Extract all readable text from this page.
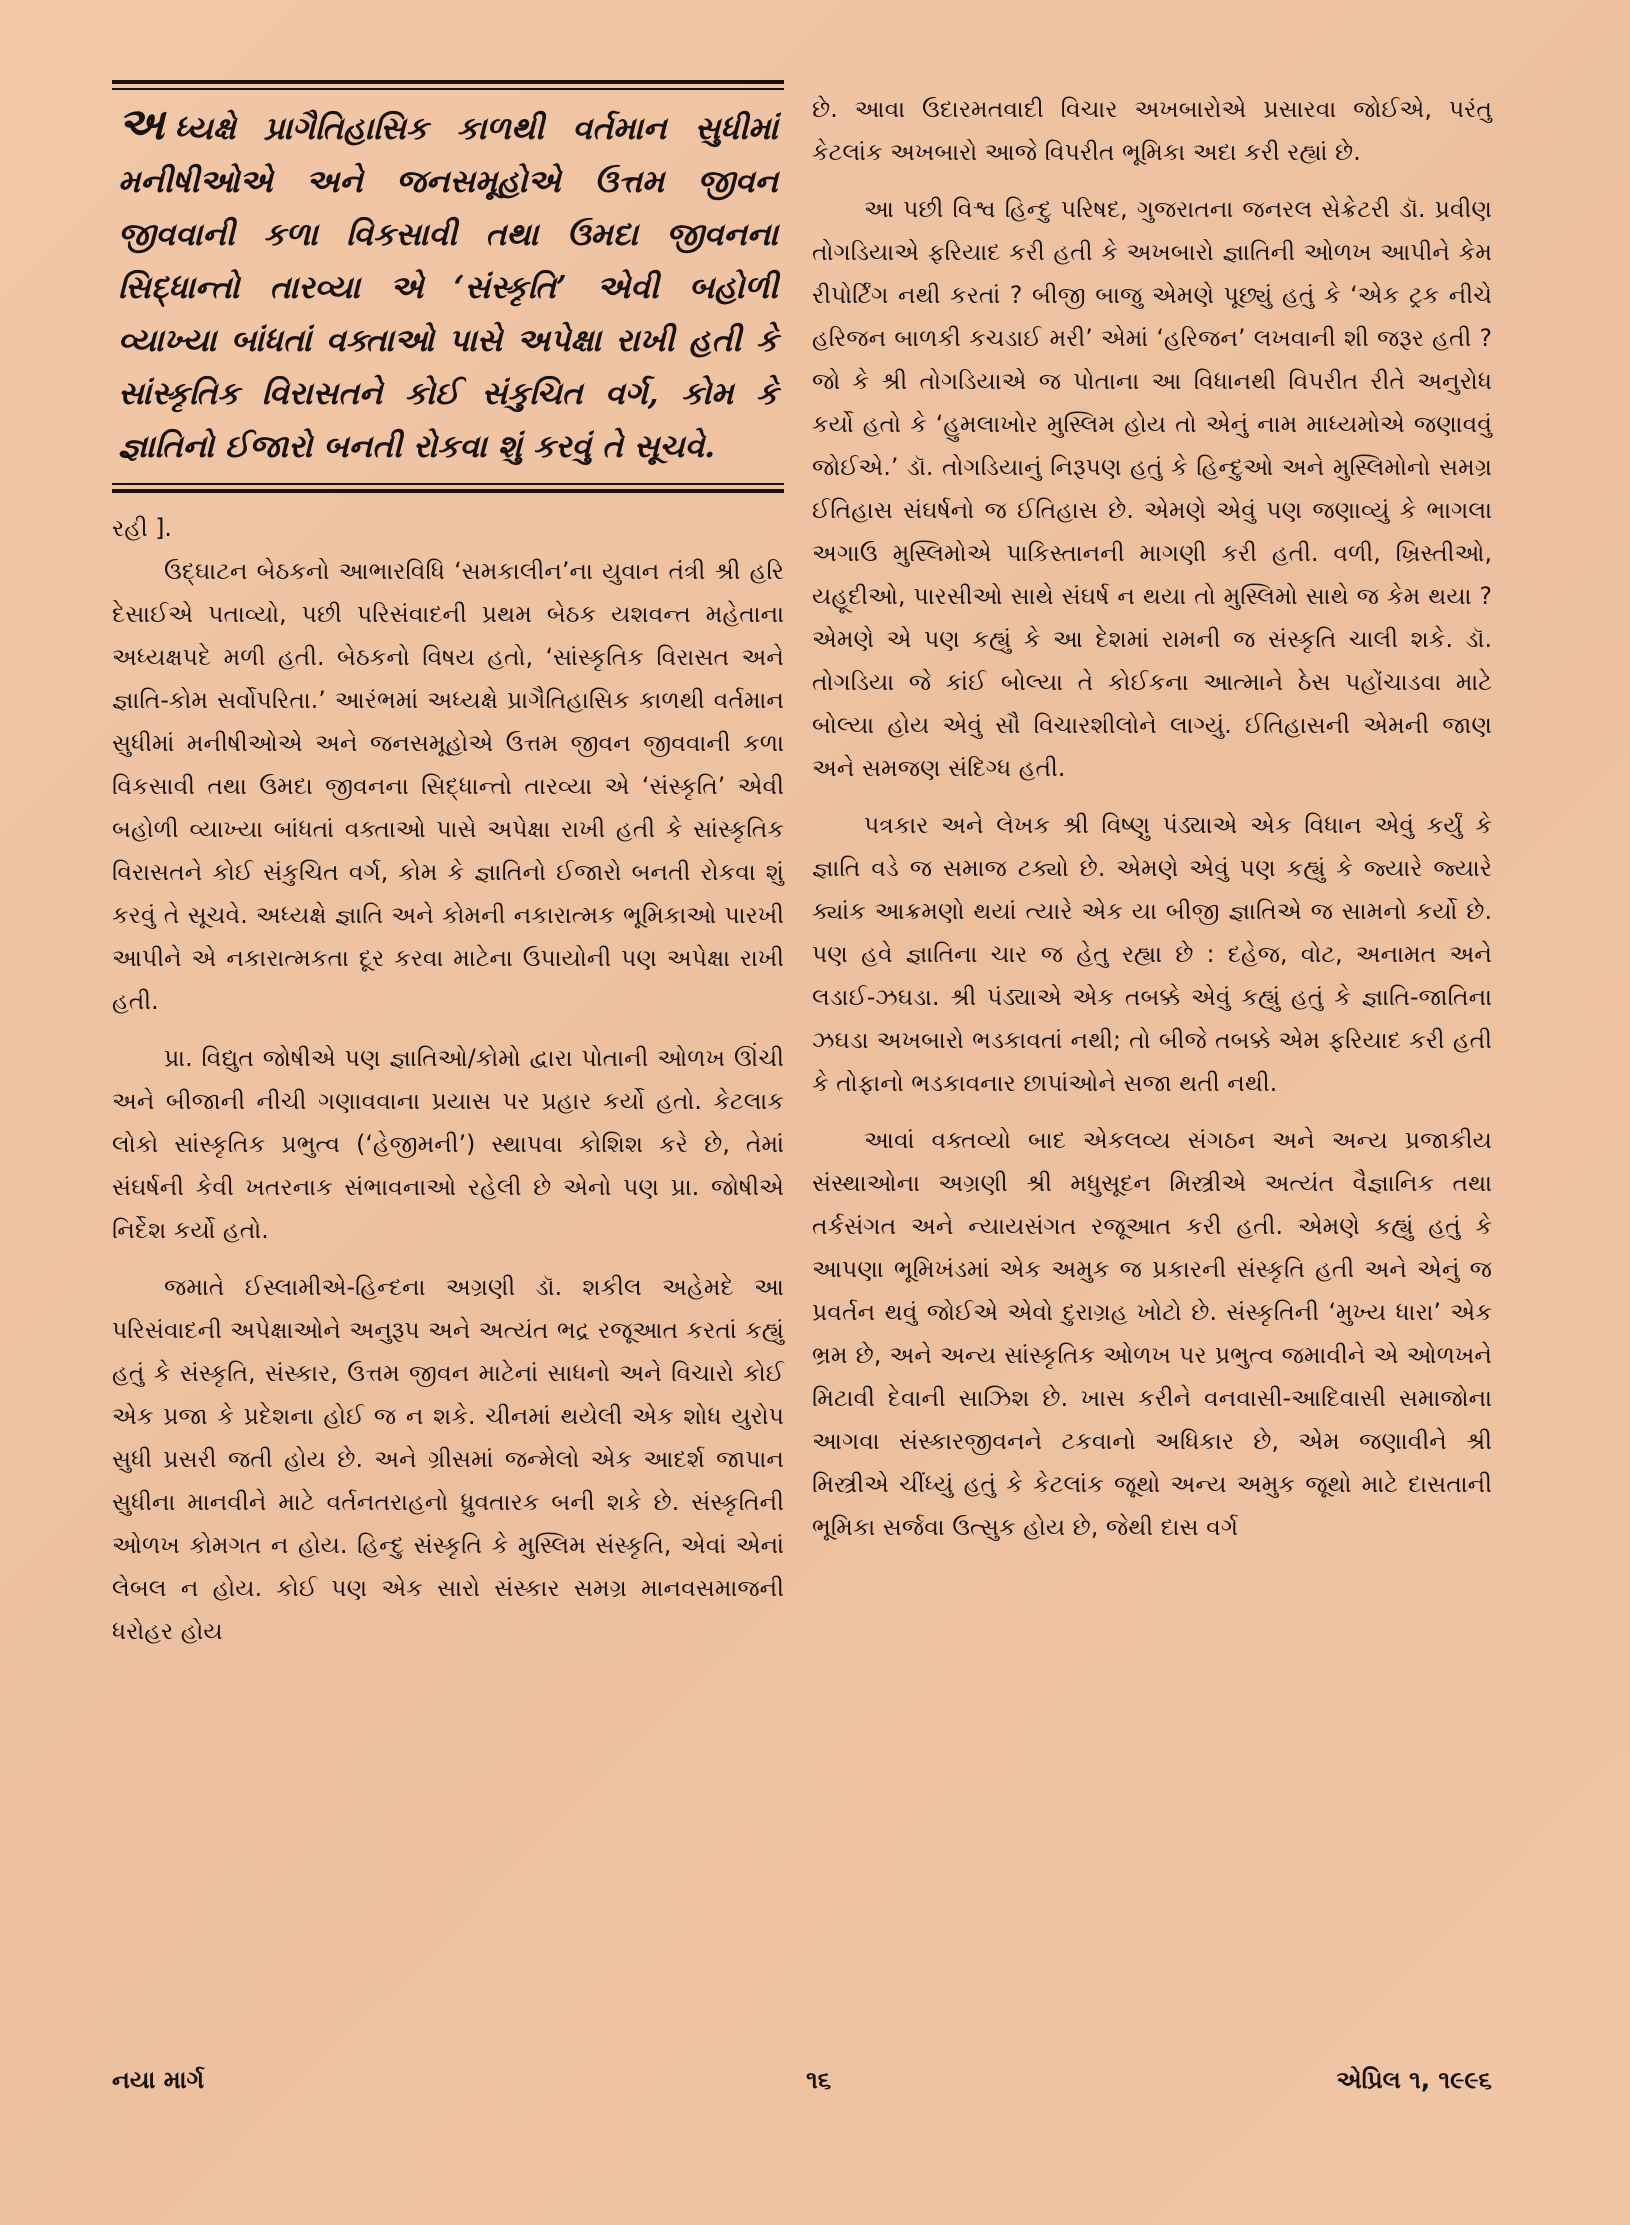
અ ધ્યક્ષે પ્રાગૈતિહાસિક કાળથી વર્તમાન સુધીમાં મનીષીઓએ અને જનસમૂહોએ ઉત્તમ જીવન જીવવાની કળા વિકસાવી તથા ઉમદા જીવનના સિદ્ધાન્તો તારવ્યા એ ‘સંસ્કૃતિ’ એવી બહોળી વ્યાખ્યા બાંધતાં વક્તાઓ પાસે અપેક્ષા રાખી હતી કે સાંસ્કૃતિક વિરાસતને કોઈ સંકુચિત વર્ગ, કોમ કે જ્ઞાતિનો ઈજારો બનતી રોકવા શું કરવું તે સૂચવે.

રહી ].

ઉદ્‌ઘાટન બેઠકનો આભારવિધિ ‘સમકાલીન’ના યુવાન તંત્રી શ્રી હરિ દેસાઈએ પતાવ્યો, પછી પરિસંવાદની પ્રથમ બેઠક યશવન્ત મહેતાના અધ્યક્ષપદે મળી હતી. બેઠકનો વિષય હતો, ‘સાંસ્કૃતિક વિરાસત અને જ્ઞાતિ-કોમ સર્વોપરિતા.’ આરંભમાં અધ્યક્ષે પ્રાગૈતિહાસિક કાળથી વર્તમાન સુધીમાં મનીષીઓએ અને જનસમૂહોએ ઉત્તમ જીવન જીવવાની કળા વિકસાવી તથા ઉમદા જીવનના સિદ્ધાન્તો તારવ્યા એ ‘સંસ્કૃતિ’ એવી બહોળી વ્યાખ્યા બાંધતાં વક્તાઓ પાસે અપેક્ષા રાખી હતી કે સાંસ્કૃતિક વિરાસતને કોઈ સંકુચિત વર્ગ, કોમ કે જ્ઞાતિનો ઈજારો બનતી રોકવા શું કરવું તે સૂચવે. અધ્યક્ષે જ્ઞાતિ અને કોમની નકારાત્મક ભૂમિકાઓ પારખી આપીને એ નકારાત્મકતા દૂર કરવા માટેના ઉપાયોની પણ અપેક્ષા રાખી હતી.

પ્રા. વિદ્યુત જોષીએ પણ જ્ઞાતિઓ/કોમો દ્વારા પોતાની ઓળખ ઊંચી અને બીજાની નીચી ગણાવવાના પ્રયાસ પર પ્રહાર કર્યો હતો. કેટલાક લોકો સાંસ્કૃતિક પ્રભુત્વ (‘હેજીમની’) સ્થાપવા કોશિશ કરે છે, તેમાં સંઘર્ષની કેવી ખતરનાક સંભાવનાઓ રહેલી છે એનો પણ પ્રા. જોષીએ નિર્દેશ કર્યો હતો.

જમાતે ઈસ્લામીએ-હિન્દના અગ્રણી ડૉ. શકીલ અહેમદે આ પરિસંવાદની અપેક્ષાઓને અનુરૂપ અને અત્યંત ભદ્ર રજૂઆત કરતાં કહ્યું હતું કે સંસ્કૃતિ, સંસ્કાર, ઉત્તમ જીવન માટેનાં સાધનો અને વિચારો કોઈ એક પ્રજા કે પ્રદેશના હોઈ જ ન શકે. ચીનમાં થયેલી એક શોધ યુરોપ સુધી પ્રસરી જતી હોય છે. અને ગ્રીસમાં જન્મેલો એક આદર્શ જાપાન સુધીના માનવીને માટે વર્તનતરાહનો ધ્રુવતારક બની શકે છે. સંસ્કૃતિની ઓળખ કોમગત ન હોય. હિન્દુ સંસ્કૃતિ કે મુસ્લિમ સંસ્કૃતિ, એવાં એનાં લેબલ ન હોય. કોઈ પણ એક સારો સંસ્કાર સમગ્ર માનવસમાજની ધરોહર હોય

છે. આવા ઉદારમતવાદી વિચાર અખબારોએ પ્રસારવા જોઈએ, પરંતુ કેટલાંક અખબારો આજે વિપરીત ભૂમિકા અદા કરી રહ્યાં છે.

આ પછી વિશ્વ હિન્દુ પરિષદ, ગુજરાતના જનરલ સેક્રેટરી ડૉ. પ્રવીણ તોગડિયાએ ફરિયાદ કરી હતી કે અખબારો જ્ઞાતિની ઓળખ આપીને કેમ રીપોર્ટિંગ નથી કરતાં ? બીજી બાજુ એમણે પૂછ્યું હતું કે ‘એક ટ્રક નીચે હરિજન બાળકી કચડાઈ મરી’ એમાં ‘હરિજન’ લખવાની શી જરૂર હતી ? જો કે શ્રી તોગડિયાએ જ પોતાના આ વિધાનથી વિપરીત રીતે અનુરોધ કર્યો હતો કે ‘હુમલાખોર મુસ્લિમ હોય તો એનું નામ માધ્યમોએ જણાવવું જોઈએ.’ ડૉ. તોગડિયાનું નિરૂપણ હતું કે હિન્દુઓ અને મુસ્લિમોનો સમગ્ર ઈતિહાસ સંઘર્ષનો જ ઈતિહાસ છે. એમણે એવું પણ જણાવ્યું કે ભાગલા અગાઉ મુસ્લિમોએ પાકિસ્તાનની માગણી કરી હતી. વળી, ખ્રિસ્તીઓ, યહૂદીઓ, પારસીઓ સાથે સંઘર્ષ ન થયા તો મુસ્લિમો સાથે જ કેમ થયા ? એમણે એ પણ કહ્યું કે આ દેશમાં રામની જ સંસ્કૃતિ ચાલી શકે. ડૉ. તોગડિયા જે કાંઈ બોલ્યા તે કોઈકના આત્માને ઠેસ પહોંચાડવા માટે બોલ્યા હોય એવું સૌ વિચારશીલોને લાગ્યું. ઈતિહાસની એમની જાણ અને સમજણ સંદિગ્ધ હતી.

પત્રકાર અને લેખક શ્રી વિષ્ણુ પંડ્યાએ એક વિધાન એવું કર્યું કે જ્ઞાતિ વડે જ સમાજ ટક્યો છે. એમણે એવું પણ કહ્યું કે જ્યારે જ્યારે ક્યાંક આક્રમણો થયાં ત્યારે એક યા બીજી જ્ઞાતિએ જ સામનો કર્યો છે. પણ હવે જ્ઞાતિના ચાર જ હેતુ રહ્યા છે : દહેજ, વોટ, અનામત અને લડાઈ-ઝઘડા. શ્રી પંડ્યાએ એક તબક્કે એવું કહ્યું હતું કે જ્ઞાતિ-જાતિના ઝઘડા અખબારો ભડકાવતાં નથી; તો બીજે તબક્કે એમ ફરિયાદ કરી હતી કે તોફાનો ભડકાવનાર છાપાંઓને સજા થતી નથી.

આવાં વક્તવ્યો બાદ એકલવ્ય સંગઠન અને અન્ય પ્રજાકીય સંસ્થાઓના અગ્રણી શ્રી મધુસૂદન મિસ્ત્રીએ અત્યંત વૈજ્ઞાનિક તથા તર્કસંગત અને ન્યાયસંગત રજૂઆત કરી હતી. એમણે કહ્યું હતું કે આપણા ભૂમિખંડમાં એક અમુક જ પ્રકારની સંસ્કૃતિ હતી અને એનું જ પ્રવર્તન થવું જોઈએ એવો દુરાગ્રહ ખોટો છે. સંસ્કૃતિની ‘મુખ્ય ધારા’ એક ભ્રમ છે, અને અન્ય સાંસ્કૃતિક ઓળખ પર પ્રભુત્વ જમાવીને એ ઓળખને મિટાવી દેવાની સાઝિશ છે. ખાસ કરીને વનવાસી-આદિવાસી સમાજોના આગવા સંસ્કારજીવનને ટકવાનો અધિકાર છે, એમ જણાવીને શ્રી મિસ્ત્રીએ ચીંધ્યું હતું કે કેટલાંક જૂથો અન્ય અમુક જૂથો માટે દાસતાની ભૂમિકા સર્જવા ઉત્સુક હોય છે, જેથી દાસ વર્ગ

નયા માર્ગ	૧૬	એપ્રિલ ૧, ૧૯૯૬
